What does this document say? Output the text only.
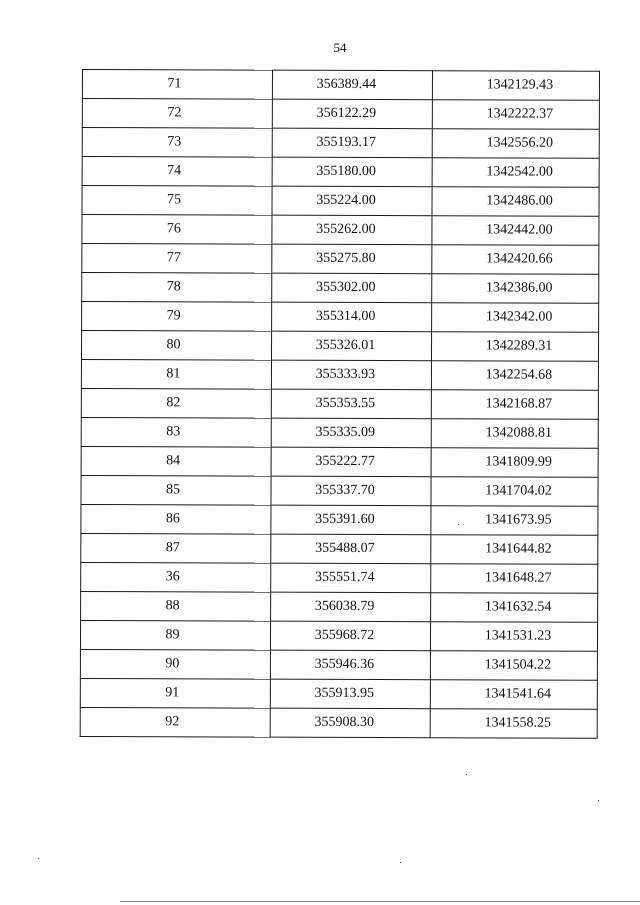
54
71	356389.44	1342129.43
72	356122.29	1342222.37
73	355193.17	1342556.20
74	355180.00	1342542.00
75	355224.00	1342486.00
76	355262.00	1342442.00
77	355275.80	1342420.66
78	355302.00	1342386.00
79	355314.00	1342342.00
80	355326.01	1342289.31
81	355333.93	1342254.68
82	355353.55	1342168.87
83	355335.09	1342088.81
84	355222.77	1341809.99
85	355337.70	1341704.02
86	355391.60	1341673.95
87	355488.07	1341644.82
36	355551.74	1341648.27
88	356038.79	1341632.54
89	355968.72	1341531.23
90	355946.36	1341504.22
91	355913.95	1341541.64
92	355908.30	1341558.25
